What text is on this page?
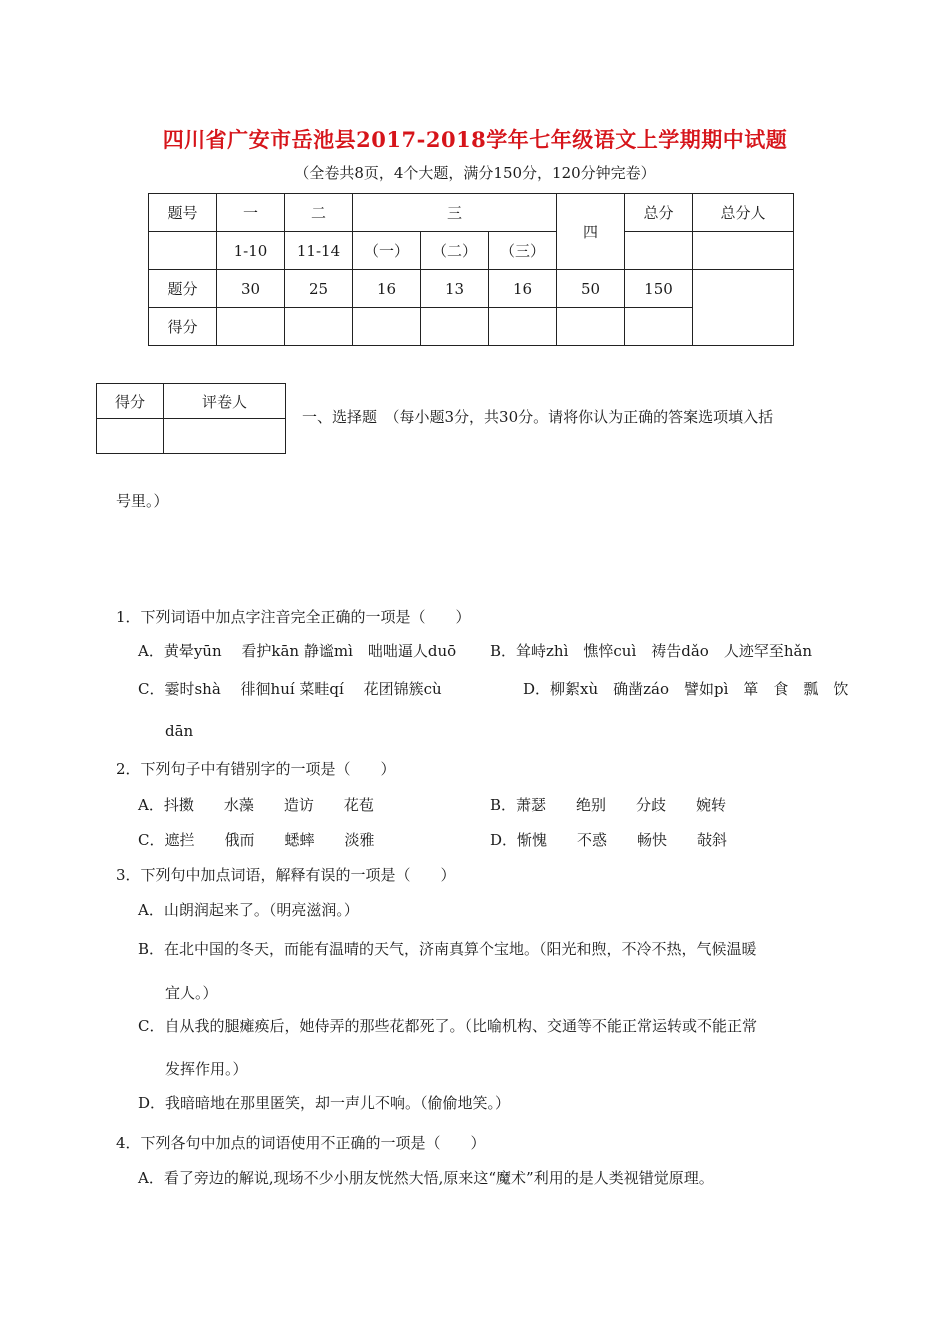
四川省广安市岳池县2017-2018学年七年级语文上学期期中试题
（全卷共8页，4个大题，满分150分，120分钟完卷）
题号	一	二	三			四	总分	总分人
	1-10	11-14	（一）	（二）	（三）			
题分	30	25	16	13	16	50	150	
得分								
得分	评卷人

一、选择题　（每小题3分，共30分。请将你认为正确的答案选项填入括
号里。）
1．下列词语中加点字注音完全正确的一项是（　　）
A．黄晕yūn　 看护kān 静谧mì　咄咄逼人duō B．耸峙zhì　憔悴cuì　祷告dǎo　人迹罕至hǎn
C．霎时shà　 徘徊huí 菜畦qí　 花团锦簇cù	D．柳絮xù　确凿záo　譬如pì　箪　食　瓢　饮
dān
2．下列句子中有错别字的一项是（　　）
A．抖擞　　水藻　　造访　　花苞	B．萧瑟　　绝别　　分歧　　婉转
C．遮拦　　俄而　　蟋蟀　　淡雅	D．惭愧　　不惑　　畅快　　敧斜
3．下列句中加点词语，解释有误的一项是（　　）
A．山朗润起来了。（明亮滋润。）
B．在北中国的冬天，而能有温晴的天气，济南真算个宝地。（阳光和煦，不冷不热，气候温暖
宜人。）
C．自从我的腿瘫痪后，她侍弄的那些花都死了。（比喻机构、交通等不能正常运转或不能正常
发挥作用。）
D．我暗暗地在那里匿笑，却一声儿不响。（偷偷地笑。）
4．下列各句中加点的词语使用不正确的一项是（　　）
A．看了旁边的解说,现场不少小朋友恍然大悟,原来这“魔术”利用的是人类视错觉原理。
